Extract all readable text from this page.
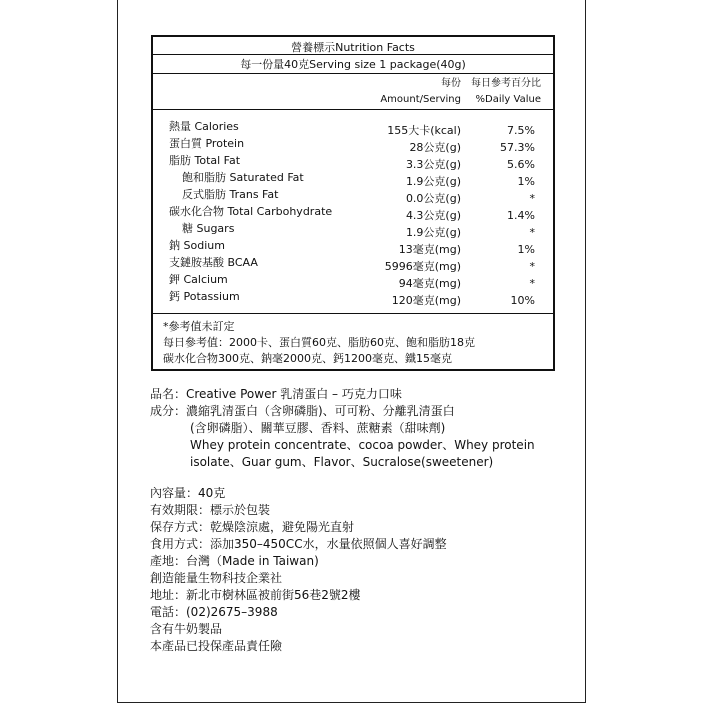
營養標示Nutrition Facts
每一份量40克Serving size 1 package(40g)
每份
Amount/Serving
每日參考百分比
%Daily Value
熱量 Calories	155大卡(kcal)	7.5%
蛋白質 Protein	28公克(g)	57.3%
脂肪 Total Fat	3.3公克(g)	5.6%
飽和脂肪 Saturated Fat	1.9公克(g)	1%
反式脂肪 Trans Fat	0.0公克(g)	*
碳水化合物 Total Carbohydrate	4.3公克(g)	1.4%
糖 Sugars	1.9公克(g)	*
鈉 Sodium	13毫克(mg)	1%
支鏈胺基酸 BCAA	5996毫克(mg)	*
鉀 Calcium	94毫克(mg)	*
鈣 Potassium	120毫克(mg)	10%
*參考值未訂定
每日參考值：2000卡、蛋白質60克、脂肪60克、飽和脂肪18克
碳水化合物300克、鈉毫2000克、鈣1200毫克、鐵15毫克
品名：Creative Power 乳清蛋白 – 巧克力口味
成分：濃縮乳清蛋白（含卵磷脂)、可可粉、分離乳清蛋白
(含卵磷脂）、關華豆膠、香料、蔗糖素（甜味劑)
Whey protein concentrate、cocoa powder、Whey protein
isolate、Guar gum、Flavor、Sucralose(sweetener)
內容量：40克
有效期限：標示於包裝
保存方式：乾燥陰涼處，避免陽光直射
食用方式：添加350–450CC水，水量依照個人喜好調整
產地：台灣（Made in Taiwan)
創造能量生物科技企業社
地址：新北市樹林區被前街56巷2號2樓
電話：(02)2675–3988
含有牛奶製品
本產品已投保產品責任險
